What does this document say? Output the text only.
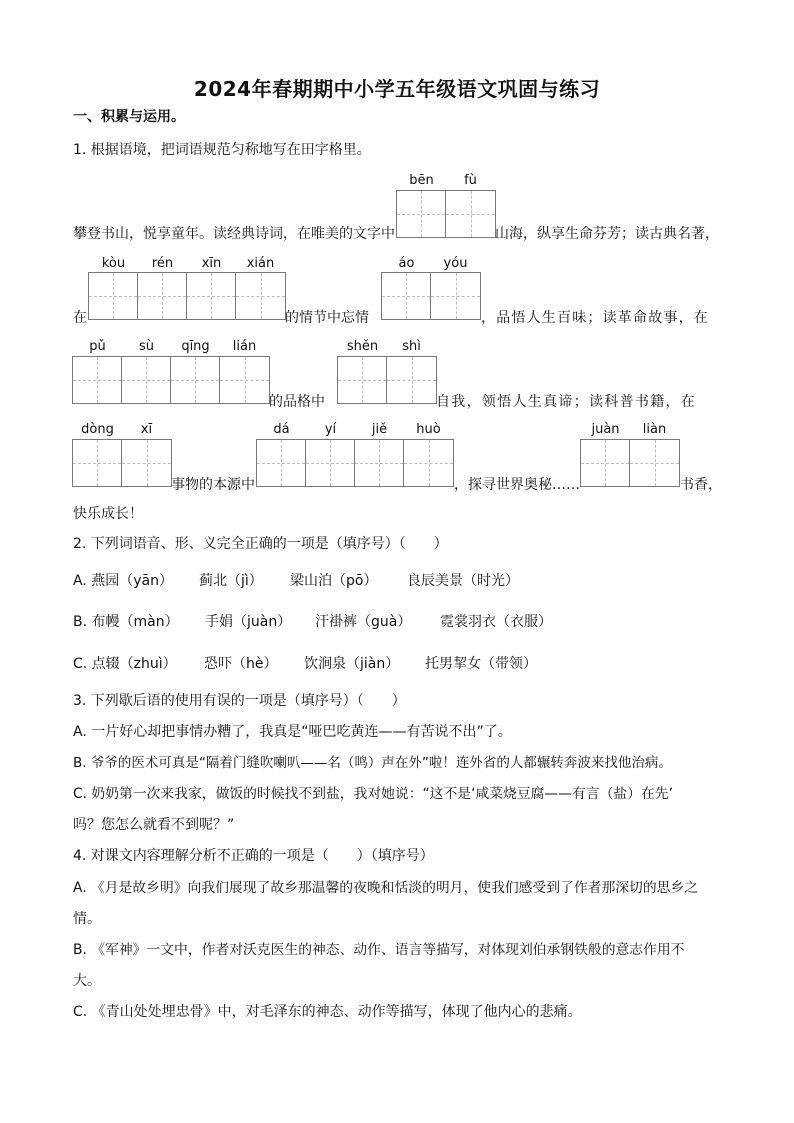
2024年春期期中小学五年级语文巩固与练习
一、积累与运用。
1. 根据语境，把词语规范匀称地写在田字格里。
bēn	fù
攀登书山，悦享童年。读经典诗词，在唯美的文字中	山海，纵享生命芬芳；读古典名著，
kòu	rén	xīn	xián	áo	yóu
在	的情节中忘情	，品悟人生百味；读革命故事，在
pǔ	sù	qīng	lián	shěn	shì
的品格中	自我，领悟人生真谛；读科普书籍，在
dòng	xī	dá	yí	jiě	huò	juàn	liàn
事物的本源中	，探寻世界奥秘……	书香，
快乐成长！
2. 下列词语音、形、义完全正确的一项是（填序号）（　　）
A. 燕园（yān） 蓟北（jì） 梁山泊（pō） 良辰美景（时光）
B. 布幔（màn） 手娟（juàn） 汗褂裤（guà） 霓裳羽衣（衣服）
C. 点辍（zhuì） 恐吓（hè） 饮涧泉（jiàn） 托男挈女（带领）
3. 下列歇后语的使用有误的一项是（填序号）（　　）
A. 一片好心却把事情办糟了，我真是“哑巴吃黄连——有苦说不出”了。
B. 爷爷的医术可真是“隔着门缝吹喇叭——名（鸣）声在外”啦！连外省的人都辗转奔波来找他治病。
C. 奶奶第一次来我家，做饭的时候找不到盐，我对她说：“这不是‘咸菜烧豆腐——有言（盐）在先’
吗？您怎么就看不到呢？”
4. 对课文内容理解分析不正确的一项是（　　）（填序号）
A. 《月是故乡明》向我们展现了故乡那温馨的夜晚和恬淡的明月，使我们感受到了作者那深切的思乡之
情。
B. 《军神》一文中，作者对沃克医生的神态、动作、语言等描写，对体现刘伯承钢铁般的意志作用不
大。
C. 《青山处处埋忠骨》中，对毛泽东的神态、动作等描写，体现了他内心的悲痛。
